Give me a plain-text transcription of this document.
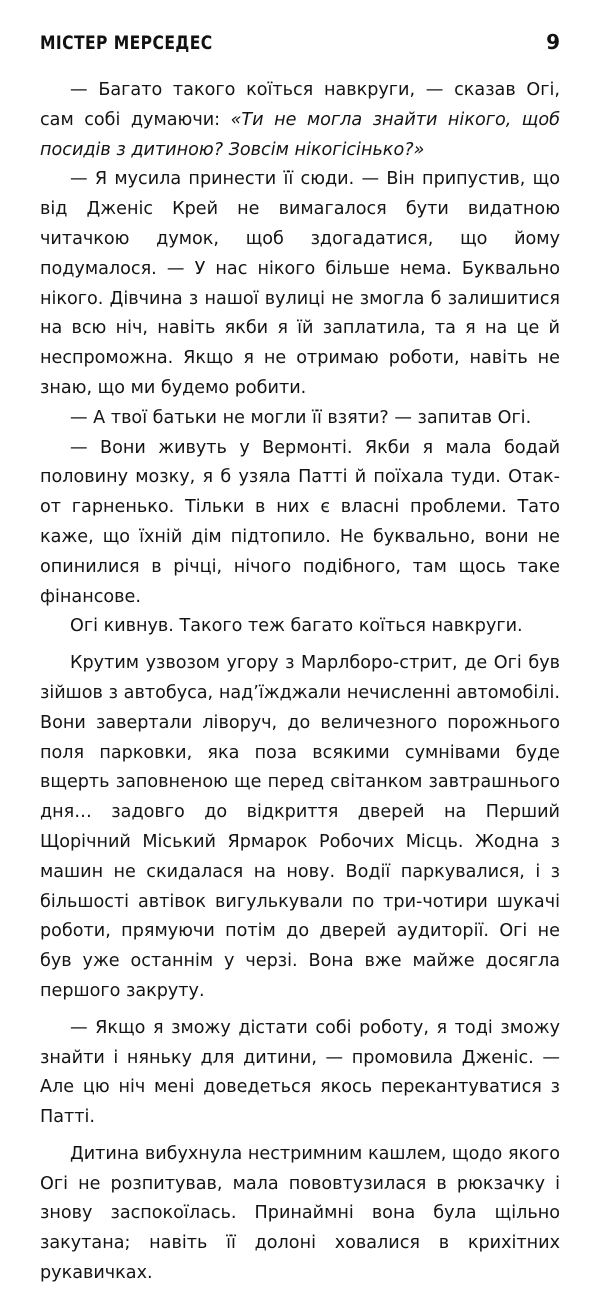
МІСТЕР МЕРСЕДЕС	9

— Багато такого коїться навкруги, — сказав Огі, сам собі думаючи: «Ти не могла знайти нікого, щоб посидів з дитиною? Зовсім нікогісінько?»

— Я мусила принести її сюди. — Він припустив, що від Дженіс Крей не вимагалося бути видатною читачкою думок, щоб здогадатися, що йому подумалося. — У нас нікого більше нема. Буквально нікого. Дівчина з нашої вулиці не змогла б залишитися на всю ніч, навіть якби я їй заплатила, та я на це й неспроможна. Якщо я не отримаю роботи, навіть не знаю, що ми будемо робити.

— А твої батьки не могли її взяти? — запитав Огі.

— Вони живуть у Вермонті. Якби я мала бодай половину мозку, я б узяла Патті й поїхала туди. Отак-от гарненько. Тільки в них є власні проблеми. Тато каже, що їхній дім підтопило. Не буквально, вони не опинилися в річці, нічого подібного, там щось таке фінансове.

Огі кивнув. Такого теж багато коїться навкруги.

Крутим узвозом угору з Марлборо-стрит, де Огі був зійшов з автобуса, над’їжджали нечисленні автомобілі. Вони завертали ліворуч, до величезного порожнього поля парковки, яка поза всякими сумнівами буде вщерть заповненою ще перед світанком завтрашнього дня… задовго до відкриття дверей на Перший Щорічний Міський Ярмарок Робочих Місць. Жодна з машин не скидалася на нову. Водії паркувалися, і з більшості автівок вигулькували по три-чотири шукачі роботи, прямуючи потім до дверей аудиторії. Огі не був уже останнім у черзі. Вона вже майже досягла першого закруту.

— Якщо я зможу дістати собі роботу, я тоді зможу знайти і няньку для дитини, — промовила Дженіс. — Але цю ніч мені доведеться якось перекантуватися з Патті.

Дитина вибухнула нестримним кашлем, щодо якого Огі не розпитував, мала пововтузилася в рюкзачку і знову заспокоїлась. Принаймні вона була щільно закутана; навіть її долоні ховалися в крихітних рукавичках.
